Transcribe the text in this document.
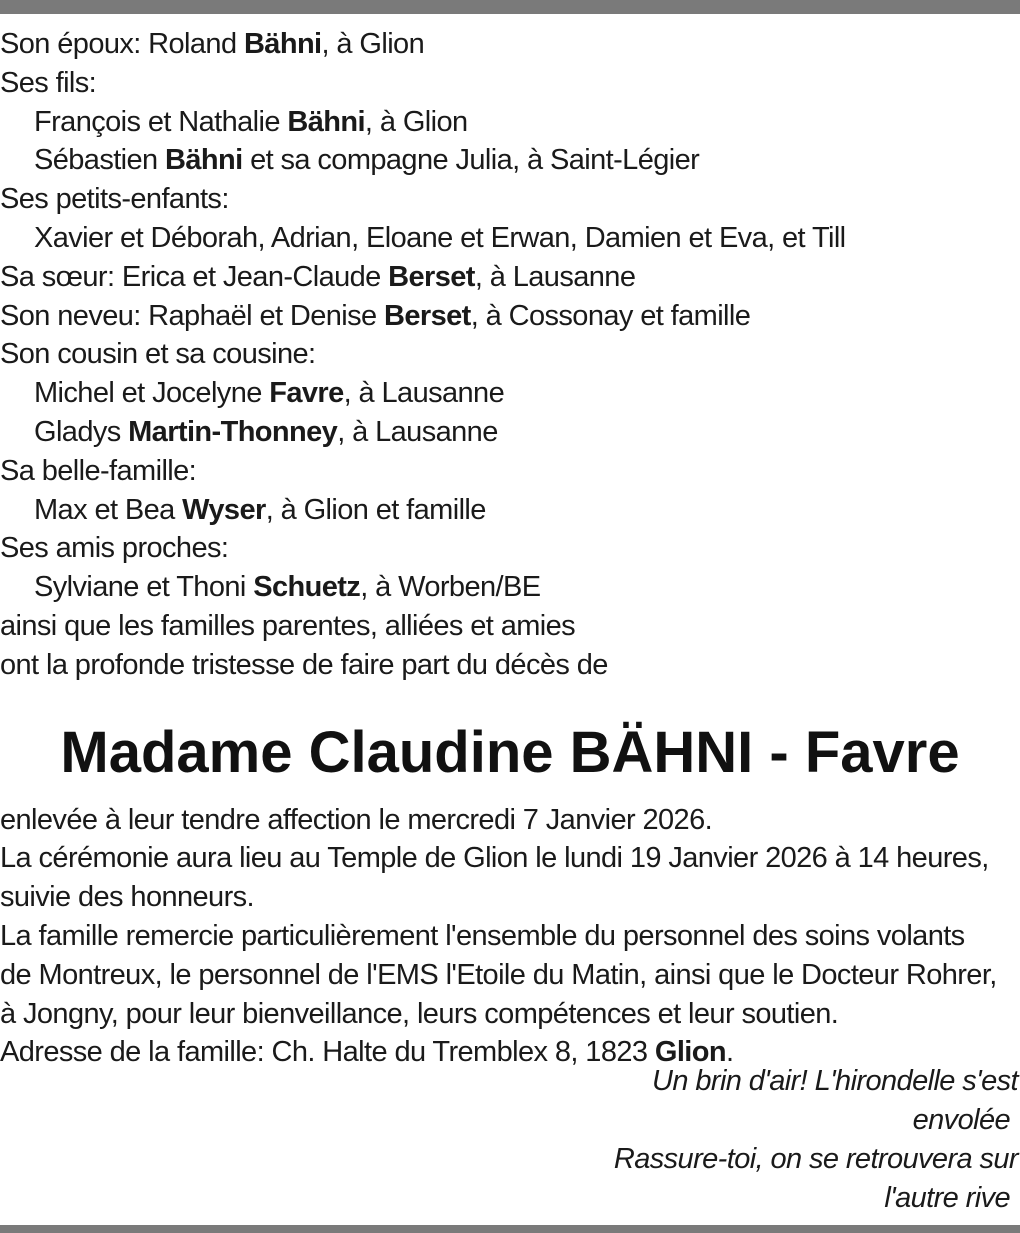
Son époux: Roland Bähni, à Glion
Ses fils:
François et Nathalie Bähni, à Glion
Sébastien Bähni et sa compagne Julia, à Saint-Légier
Ses petits-enfants:
Xavier et Déborah, Adrian, Eloane et Erwan, Damien et Eva, et Till
Sa sœur: Erica et Jean-Claude Berset, à Lausanne
Son neveu: Raphaël et Denise Berset, à Cossonay et famille
Son cousin et sa cousine:
Michel et Jocelyne Favre, à Lausanne
Gladys Martin-Thonney, à Lausanne
Sa belle-famille:
Max et Bea Wyser, à Glion et famille
Ses amis proches:
Sylviane et Thoni Schuetz, à Worben/BE
ainsi que les familles parentes, alliées et amies
ont la profonde tristesse de faire part du décès de
Madame Claudine BÄHNI - Favre
enlevée à leur tendre affection le mercredi 7 Janvier 2026.
La cérémonie aura lieu au Temple de Glion le lundi 19 Janvier 2026 à 14 heures,
suivie des honneurs.
La famille remercie particulièrement l'ensemble du personnel des soins volants
de Montreux, le personnel de l'EMS l'Etoile du Matin, ainsi que le Docteur Rohrer,
à Jongny, pour leur bienveillance, leurs compétences et leur soutien.
Adresse de la famille: Ch. Halte du Tremblex 8, 1823 Glion.
Un brin d'air! L'hirondelle s'est
envolée
Rassure-toi, on se retrouvera sur
l'autre rive
